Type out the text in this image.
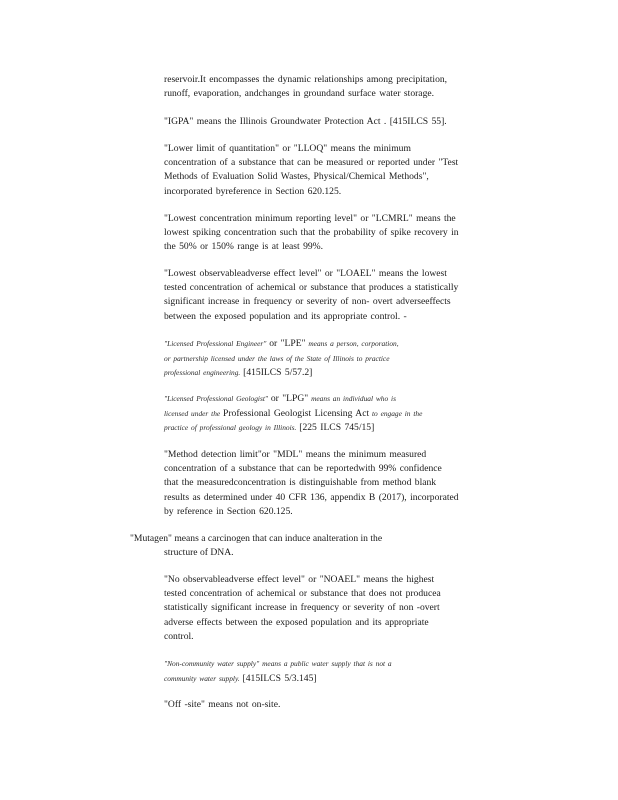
reservoir.It encompasses the dynamic relationships among precipitation,
runoff, evaporation, andchanges in groundand surface water storage.
"IGPA" means the Illinois Groundwater Protection Act . [415ILCS 55].
"Lower limit of quantitation" or "LLOQ" means the minimum
concentration of a substance that can be measured or reported under "Test
Methods of Evaluation Solid Wastes, Physical/Chemical Methods",
incorporated byreference in Section 620.125.
"Lowest concentration minimum reporting level" or "LCMRL" means the
lowest spiking concentration such that the probability of spike recovery in
the 50% or 150% range is at least 99%.
"Lowest observableadverse effect level" or "LOAEL" means the lowest
tested concentration of achemical or substance that produces a statistically
significant increase in frequency or severity of non- overt adverseeffects
between the exposed population and its appropriate control. -
"Licensed Professional Engineer" or "LPE" means a person, corporation,
or partnership licensed under the laws of the State of Illinois to practice
professional engineering. [415ILCS 5/57.2]
"Licensed Professional Geologist" or "LPG" means an individual who is
licensed under the Professional Geologist Licensing Act to engage in the
practice of professional geology in Illinois. [225 ILCS 745/15]
"Method detection limit"or "MDL" means the minimum measured
concentration of a substance that can be reportedwith 99% confidence
that the measuredconcentration is distinguishable from method blank
results as determined under 40 CFR 136, appendix B (2017), incorporated
by reference in Section 620.125.
"Mutagen" means a carcinogen that can induce analteration in the
structure of DNA.
"No observableadverse effect level" or "NOAEL" means the highest
tested concentration of achemical or substance that does not producea
statistically significant increase in frequency or severity of non -overt
adverse effects between the exposed population and its appropriate
control.
"Non-community water supply" means a public water supply that is not a
community water supply. [415ILCS 5/3.145]
"Off -site" means not on-site.
